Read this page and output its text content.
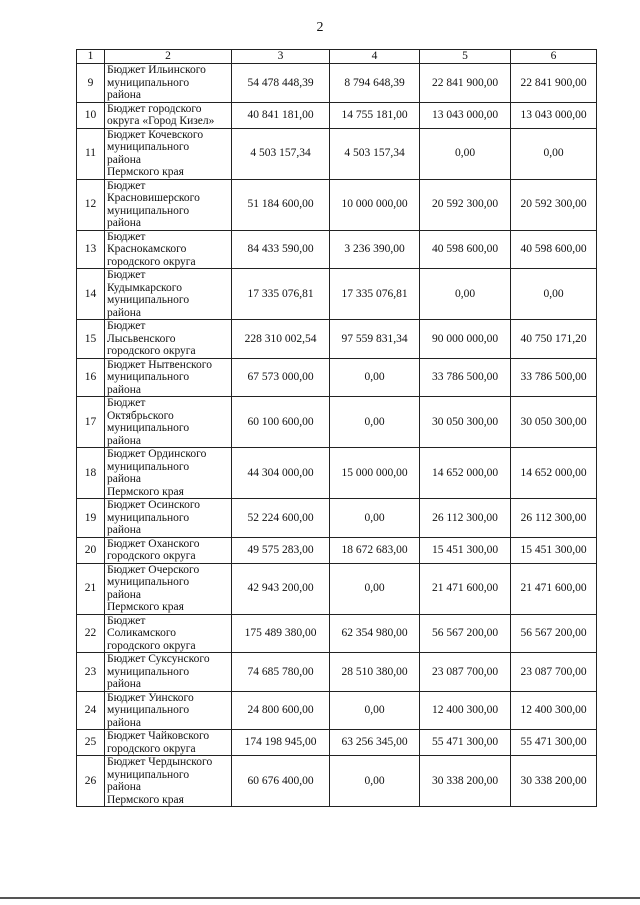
2
1	2	3	4	5	6
9	Бюджет Ильинского
муниципального
района	54 478 448,39	8 794 648,39	22 841 900,00	22 841 900,00
10	Бюджет городского
округа «Город Кизел»	40 841 181,00	14 755 181,00	13 043 000,00	13 043 000,00
11	Бюджет Кочевского
муниципального
района
Пермского края	4 503 157,34	4 503 157,34	0,00	0,00
12	Бюджет
Красновишерского
муниципального
района	51 184 600,00	10 000 000,00	20 592 300,00	20 592 300,00
13	Бюджет
Краснокамского
городского округа	84 433 590,00	3 236 390,00	40 598 600,00	40 598 600,00
14	Бюджет
Кудымкарского
муниципального
района	17 335 076,81	17 335 076,81	0,00	0,00
15	Бюджет
Лысьвенского
городского округа	228 310 002,54	97 559 831,34	90 000 000,00	40 750 171,20
16	Бюджет Нытвенского
муниципального
района	67 573 000,00	0,00	33 786 500,00	33 786 500,00
17	Бюджет
Октябрьского
муниципального
района	60 100 600,00	0,00	30 050 300,00	30 050 300,00
18	Бюджет Ординского
муниципального
района
Пермского края	44 304 000,00	15 000 000,00	14 652 000,00	14 652 000,00
19	Бюджет Осинского
муниципального
района	52 224 600,00	0,00	26 112 300,00	26 112 300,00
20	Бюджет Оханского
городского округа	49 575 283,00	18 672 683,00	15 451 300,00	15 451 300,00
21	Бюджет Очерского
муниципального
района
Пермского края	42 943 200,00	0,00	21 471 600,00	21 471 600,00
22	Бюджет
Соликамского
городского округа	175 489 380,00	62 354 980,00	56 567 200,00	56 567 200,00
23	Бюджет Суксунского
муниципального
района	74 685 780,00	28 510 380,00	23 087 700,00	23 087 700,00
24	Бюджет Уинского
муниципального
района	24 800 600,00	0,00	12 400 300,00	12 400 300,00
25	Бюджет Чайковского
городского округа	174 198 945,00	63 256 345,00	55 471 300,00	55 471 300,00
26	Бюджет Чердынского
муниципального
района
Пермского края	60 676 400,00	0,00	30 338 200,00	30 338 200,00
